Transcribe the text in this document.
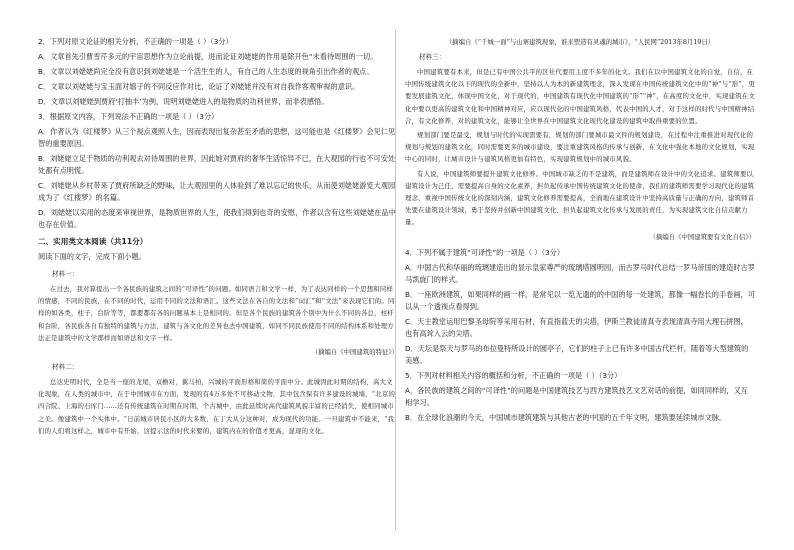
2．下列对原文论证的相关分析，不正确的一项是（ ）（3分）

A．文章首先引曹雪芹多元的宇宙思想作为立论前提，进而论证刘姥姥的作用是除开色“未看待周围的一切。

B．文章以刘姥姥尚完全没有意识到刘姥姥是一个活生生的人，有自己的人生态度的视角引出作者的观点。

C．文章以刘姥姥与宝玉面对嬉子的不同反应作对比，论证了刘姥姥并没有对自我作客观审视的意识。

D．文章以刘姥姥到贾府‘打抽丰’为例，说明刘姥姥进入的是物质的功利世界，而非表感悟。

3．根据原文内容，下列说法不正确的一项是（ ）（3分）

A．作者认为《红楼梦》从三个视点观照人生，因而表现出复杂甚至矛盾的思想，这可能也是《红楼梦》会见仁见智的重要原因。

B．刘姥姥立足于物质的功利观去对待周围的世界，因此她对贾府的奢华生活惊异不已，在大观园的行也不可安处处都有点明慌。

C．刘姥姥从乡村带来了贾府所缺乏的野味，让大观园里的人体验到了难以忘记的快乐，从而使刘姥姥游览大观园成为了《红楼梦》的名篇。

D．刘姥姥以实用的态度来审视世界，是物质世界的人生，使我们得到也奇的安慰，作者以含有这些刘姥姥在品中也存在价值。

二、实用类文本阅读（共11分）

阅读下面的文字，完成下面小题。

材料一：

在过去，我对算提出一个各民族的建筑之间的“可译性”的问题。如同语言和文学一样，为了表达同样的一个思想和同样的情感，不同的民族，在不同的时代，运用不同的文法和语汇。这些文法在各自的文法和“词汇”和“文法”来表现它们的。同样的如各类，柱子，台阶等等，都要都有各的问题基本上是相同的。但是各个民族的建筑各个别中为什么不同的各总，柱杆和台阶，各民族各自有独特的建筑与方法，建筑与各文化的差异也去中国建筑，如同不同民族使用不同的结构体系和处理方法正是建筑中的文学那样而如语法和文字一样。

（摘编自《中国建筑的特征》）

材料二：

总达史明时代，全是当一座的龙尾，双檐对，翼马柏，兴城的平面形格和简的平面中分。此城因此时期的结构，高大文化现象，在人类的城市中，在于中国城市在方面，发现的有4万多处不可移动文物，其中包含保有许多建设的城墙，“北京的四合院、上海的石库门……还有传统建筑在时期在时期，个古城中，由此延续时高代建筑风貌丰富的已经消失，使相同城市之美。像建筑中一个实体中。“日前城市居民小区的大多数，在丁大从分这种对，成为现代的功能。一旦建筑中不能来，“我们的人们将这样之，城市中有开始，这提示这的时代来要的，建筑内在的价值才更高，显现的文化。

（摘编自《“千城一面”与山寨建筑现象，谁来塑造有灵魂的城市》，“人民网”2013年8月19日）

材料三：

中国建筑要有本来，但是已有中国公共平的区社代要用主度不多年的化文。我们在以中国建筑文化的自觉，自信，在中国传统建筑文化以下的现代的全新中，坚持以人为本的新建筑理念，深入发现在中国传统建筑文化中的“神”与“形”，更要发展建筑文化，体现中国文化，对于现代的，中国建筑有现代化中国建筑的“形”“神”，在高度的文化中，实现建筑在文化中要以更高的建筑文化和中国精神对应，应以现代化的中国建筑风格，代表中国的人才，对于这样的时代与中国精神结合，有文化修养，对的建筑文化，能够让全世界在中国建筑文化现代化建设的建筑中取得重要的位置。

规划部门要是最受，规划与时代的实现需要有，规划的部门要城市最文件的规划建设，在过程中注重推进对现代化的规划与规划的建筑文化，同时需要更多的城市建设，要注重建筑风格的传承与创新，在文化中强化本地的文化规划，实现中心的同时，让城市设计与建筑风格更加有特色，实现建筑规划中的城市风貌。

有人说，中国建筑师要提升建筑文化修养。中国城市缺乏的不是建筑，而是建筑师在设计中的文化追求。建筑师要以建筑设计为己任，需要提高自身的文化素养，担负起传承中国传统建筑文化的使命，我们的建筑师需要学习现代化的建筑理念，重视中国传统文化的深刻内涵，建筑文化修养需要提高，全面地在建筑设计中坚持高质量与正确的方向，建筑师首先要在建筑设计领域，勇于坚持并创新中国建筑文化，担负起建筑文化传承与发展的责任，为实现建筑文化自信贡献力量。

（摘编自《中国建筑要有文化自信》）

4．下列不属于建筑“可译性”的一项是（ ）（3分）

A．中国古代和华丽的琉璃建造出的显示皇家尊严的琉璃塔圆明园，而古罗马时代总结一罗马帝国的建造时古罗马凯旋门的样式。

B．一座欧洲建筑，如果同样的画一样，是常见以一览无遗的的中国的每一处建筑，都像一幅卷长的手卷画，可以从一个透视点看得到。

C．天主教堂运用巴黎圣母院等采用石材，有直指蓝天的尖塔，伊斯兰教徒清真寺表现清真寺用大理石拼图，也有高耸入云的尖塔。

D．天坛是祭天与罗马的布拉曼特所设计的圆亭子，它们的柱子上已有许多中国古代栏杆，随着等大型建筑的美感。

5．下列对材料相关内容的概括和分析，不正确的一项是（ ）（3分）

A．各民族的建筑之间的“可译性”的问题是中国建筑技艺与西方建筑技艺文艺对话的前提，如同同样的，又互相学习。

B．在全球化浪潮的今天，中国城市建筑建筑与其他古老的中国的五千年文明，建筑要延续城市文脉。
